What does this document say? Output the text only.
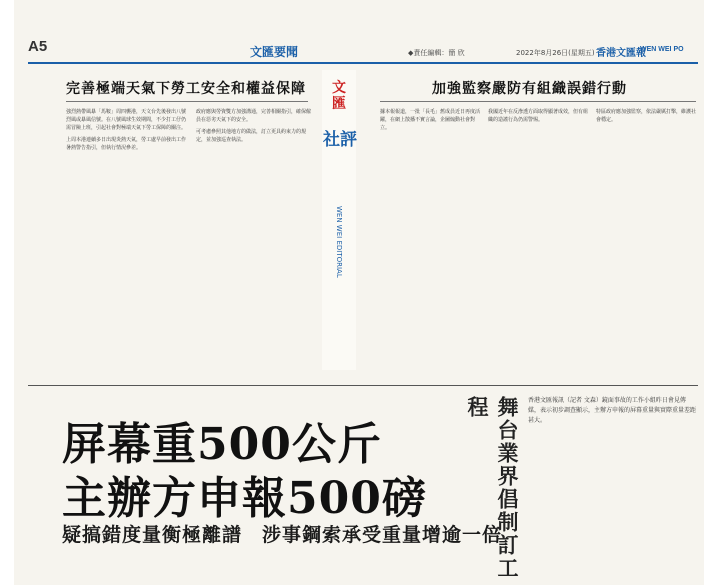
A5	文匯要聞	◆責任編輯：簡 欣	2022年8月26日(星期五) 香港文匯報
WEN WEI PO
完善極端天氣下勞工安全和權益保障

強烈熱帶風暴「馬鞍」周四襲港，天文台先後發出八號烈風或暴風信號。在八號風球生效期間，不少打工仔仍需冒險上班，引起社會對極端天氣下勞工保障的關注。

上周本港連續多日出現炎熱天氣，勞工處早前發出工作暑熱警告指引，但執行情況參差。

政府應與勞資雙方加強溝通，完善相關指引，確保僱員在惡劣天氣下的安全。

可考慮參照其他地方的做法，訂立更具約束力的規定，並加強巡查執法。

文匯
社評
WEN WEI EDITORIAL
加強監察嚴防有組織誤錯行動

據本報報道，一批「長毛」舊成員近日再度活躍，在網上散播不實言論，企圖煽動社會對立。

我國近年在反滲透方面取得顯著成效，但有組織的造謠行為仍需警惕。

特區政府應加強監察，依法嚴厲打擊，維護社會穩定。

屏幕重500公斤
主辦方申報500磅
疑搞錯度量衡極離譜　涉事鋼索承受重量增逾一倍
舞台業界倡制訂工程	香港文匯報訊（記者 文森）鏡面事故的工作小組昨日會見傳媒，表示初步調查顯示，主辦方申報的屏幕重量與實際重量差距甚大。
